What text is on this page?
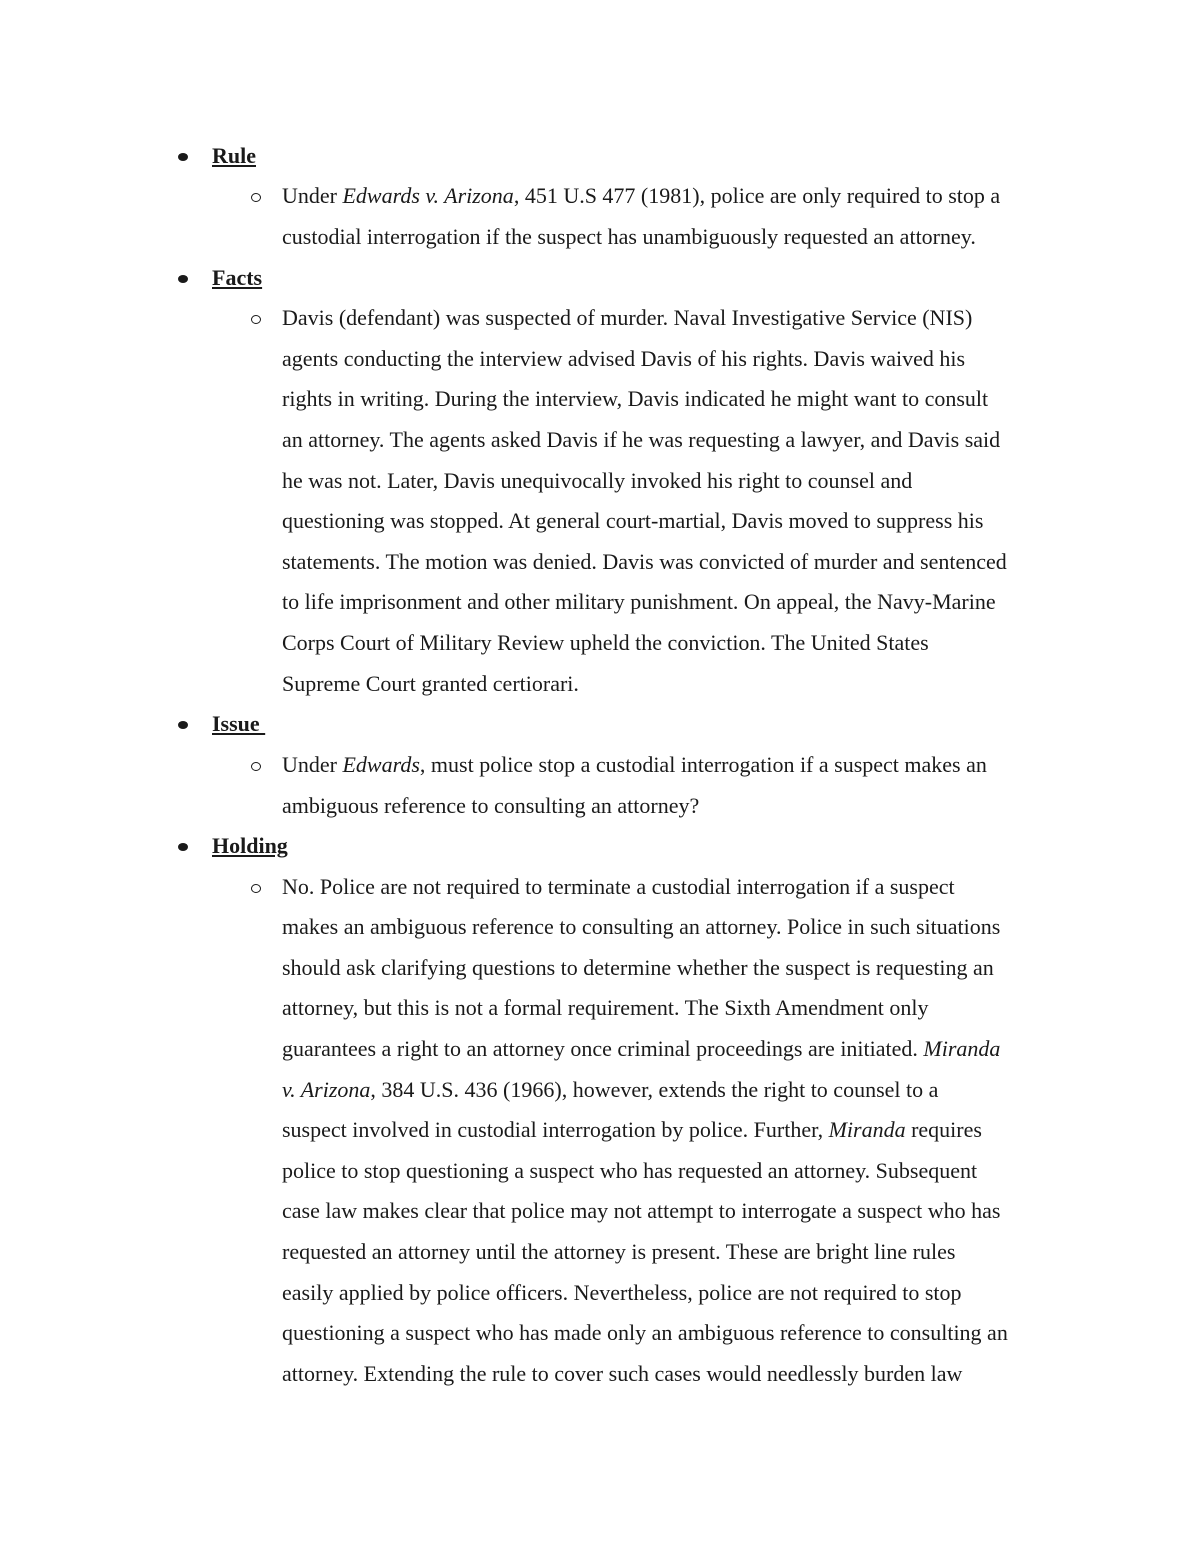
Rule
Under Edwards v. Arizona, 451 U.S 477 (1981), police are only required to stop a
custodial interrogation if the suspect has unambiguously requested an attorney.
Facts
Davis (defendant) was suspected of murder. Naval Investigative Service (NIS)
agents conducting the interview advised Davis of his rights. Davis waived his
rights in writing. During the interview, Davis indicated he might want to consult
an attorney. The agents asked Davis if he was requesting a lawyer, and Davis said
he was not. Later, Davis unequivocally invoked his right to counsel and
questioning was stopped. At general court-martial, Davis moved to suppress his
statements. The motion was denied. Davis was convicted of murder and sentenced
to life imprisonment and other military punishment. On appeal, the Navy-Marine
Corps Court of Military Review upheld the conviction. The United States
Supreme Court granted certiorari.
Issue
Under Edwards, must police stop a custodial interrogation if a suspect makes an
ambiguous reference to consulting an attorney?
Holding
No. Police are not required to terminate a custodial interrogation if a suspect
makes an ambiguous reference to consulting an attorney. Police in such situations
should ask clarifying questions to determine whether the suspect is requesting an
attorney, but this is not a formal requirement. The Sixth Amendment only
guarantees a right to an attorney once criminal proceedings are initiated. Miranda
v. Arizona, 384 U.S. 436 (1966), however, extends the right to counsel to a
suspect involved in custodial interrogation by police. Further, Miranda requires
police to stop questioning a suspect who has requested an attorney. Subsequent
case law makes clear that police may not attempt to interrogate a suspect who has
requested an attorney until the attorney is present. These are bright line rules
easily applied by police officers. Nevertheless, police are not required to stop
questioning a suspect who has made only an ambiguous reference to consulting an
attorney. Extending the rule to cover such cases would needlessly burden law
